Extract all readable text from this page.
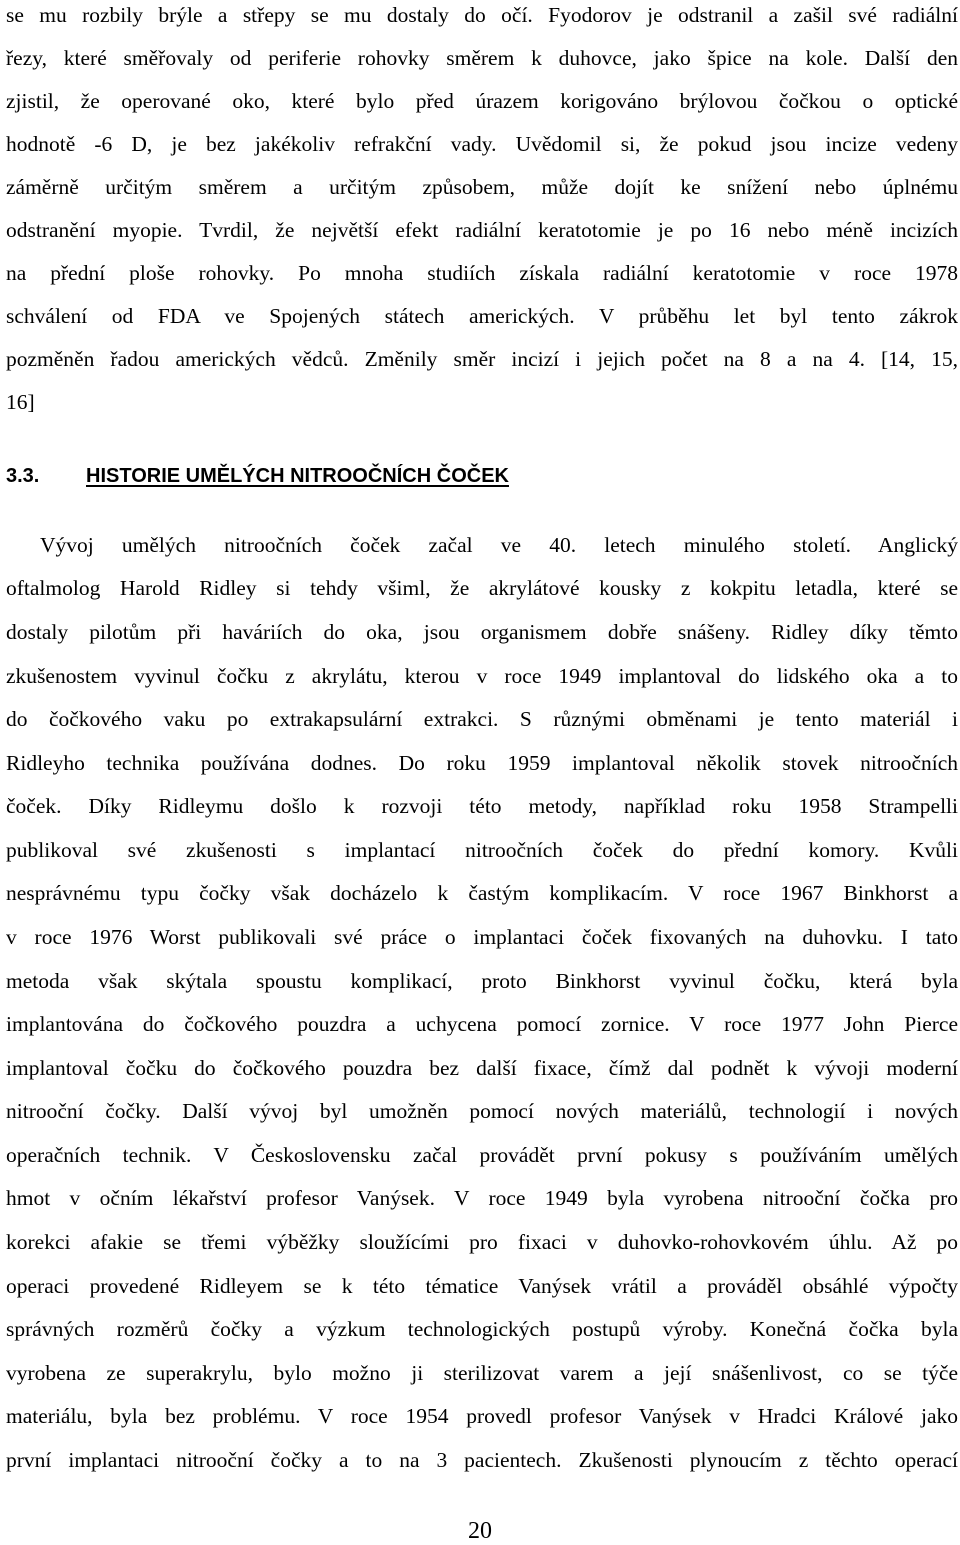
se mu rozbily brýle a střepy se mu dostaly do očí. Fyodorov je odstranil a zašil své radiální
řezy, které směřovaly od periferie rohovky směrem k duhovce, jako špice na kole. Další den
zjistil, že operované oko, které bylo před úrazem korigováno brýlovou čočkou o optické
hodnotě -6 D, je bez jakékoliv refrakční vady. Uvědomil si, že pokud jsou incize vedeny
záměrně určitým směrem a určitým způsobem, může dojít ke snížení nebo úplnému
odstranění myopie. Tvrdil, že největší efekt radiální keratotomie je po 16 nebo méně incizích
na přední ploše rohovky. Po mnoha studiích získala radiální keratotomie v roce 1978
schválení od FDA ve Spojených státech amerických. V průběhu let byl tento zákrok
pozměněn řadou amerických vědců. Změnily směr incizí i jejich počet na 8 a na 4. [14, 15,
16]
3.3. HISTORIE UMĚLÝCH NITROOČNÍCH ČOČEK
Vývoj umělých nitroočních čoček začal ve 40. letech minulého století. Anglický
oftalmolog Harold Ridley si tehdy všiml, že akrylátové kousky z kokpitu letadla, které se
dostaly pilotům při haváriích do oka, jsou organismem dobře snášeny. Ridley díky těmto
zkušenostem vyvinul čočku z akrylátu, kterou v roce 1949 implantoval do lidského oka a to
do čočkového vaku po extrakapsulární extrakci. S různými obměnami je tento materiál i
Ridleyho technika používána dodnes. Do roku 1959 implantoval několik stovek nitroočních
čoček. Díky Ridleymu došlo k rozvoji této metody, například roku 1958 Strampelli
publikoval své zkušenosti s implantací nitroočních čoček do přední komory. Kvůli
nesprávnému typu čočky však docházelo k častým komplikacím. V roce 1967 Binkhorst a
v roce 1976 Worst publikovali své práce o implantaci čoček fixovaných na duhovku. I tato
metoda však skýtala spoustu komplikací, proto Binkhorst vyvinul čočku, která byla
implantována do čočkového pouzdra a uchycena pomocí zornice. V roce 1977 John Pierce
implantoval čočku do čočkového pouzdra bez další fixace, čímž dal podnět k vývoji moderní
nitrooční čočky. Další vývoj byl umožněn pomocí nových materiálů, technologií i nových
operačních technik. V Československu začal provádět první pokusy s používáním umělých
hmot v očním lékařství profesor Vanýsek. V roce 1949 byla vyrobena nitrooční čočka pro
korekci afakie se třemi výběžky sloužícími pro fixaci v duhovko-rohovkovém úhlu. Až po
operaci provedené Ridleyem se k této tématice Vanýsek vrátil a prováděl obsáhlé výpočty
správných rozměrů čočky a výzkum technologických postupů výroby. Konečná čočka byla
vyrobena ze superakrylu, bylo možno ji sterilizovat varem a její snášenlivost, co se týče
materiálu, byla bez problému. V roce 1954 provedl profesor Vanýsek v Hradci Králové jako
první implantaci nitrooční čočky a to na 3 pacientech. Zkušenosti plynoucím z těchto operací
20
